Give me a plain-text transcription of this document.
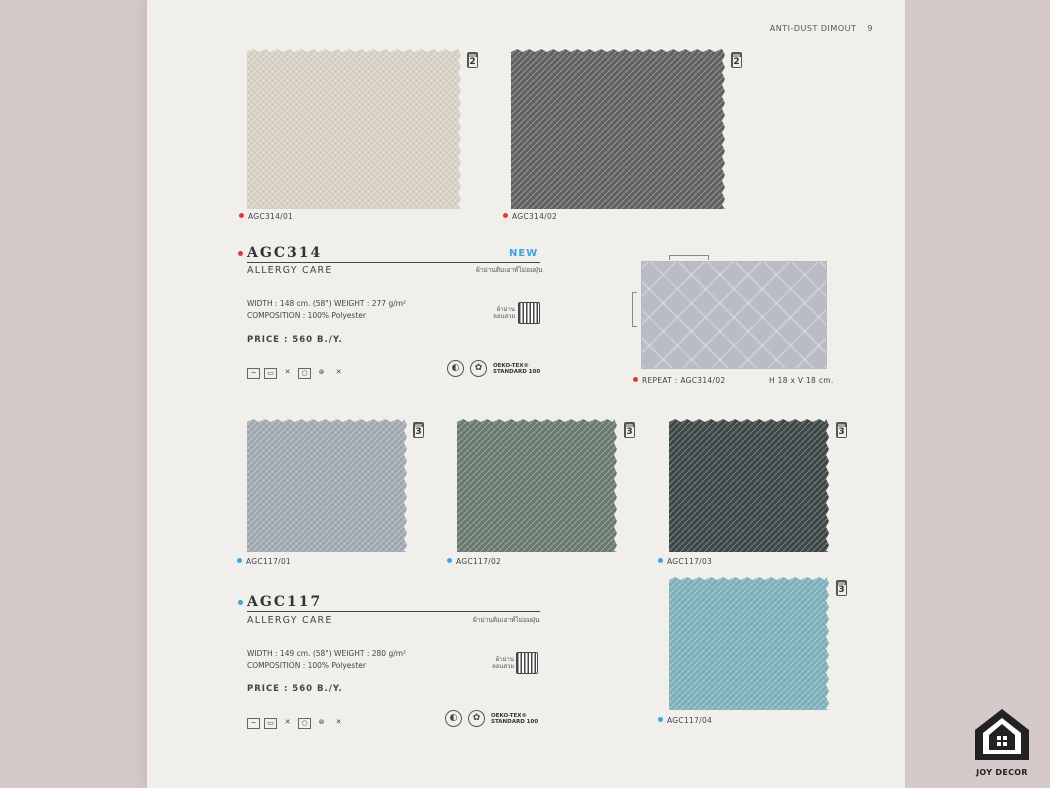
ANTI-DUST DIMOUT 9
2
AGC314/01
2
AGC314/02
AGC314	NEW
ALLERGY CARE	ผ้าม่านดิมเอาท์ไม่อมฝุ่น
WIDTH : 148 cm. (58") WEIGHT : 277 g/m²
COMPOSITION : 100% Polyester
ผ้าม่าน
ลอนสวย
PRICE : 560 B./Y.
~	▭	✕	○	⊗	✕	◐	✿	OEKO-TEX®
STANDARD 100
REPEAT : AGC314/02	H 18 x V 18 cm.
3
AGC117/01
3
AGC117/02
3
AGC117/03
3
AGC117/04
AGC117
ALLERGY CARE	ผ้าม่านดิมเอาท์ไม่อมฝุ่น
WIDTH : 149 cm. (58") WEIGHT : 280 g/m²
COMPOSITION : 100% Polyester
ผ้าม่าน
ลอนสวย
PRICE : 560 B./Y.
~	▭	✕	○	⊗	✕	◐	✿	OEKO-TEX®
STANDARD 100
JOY DECOR
